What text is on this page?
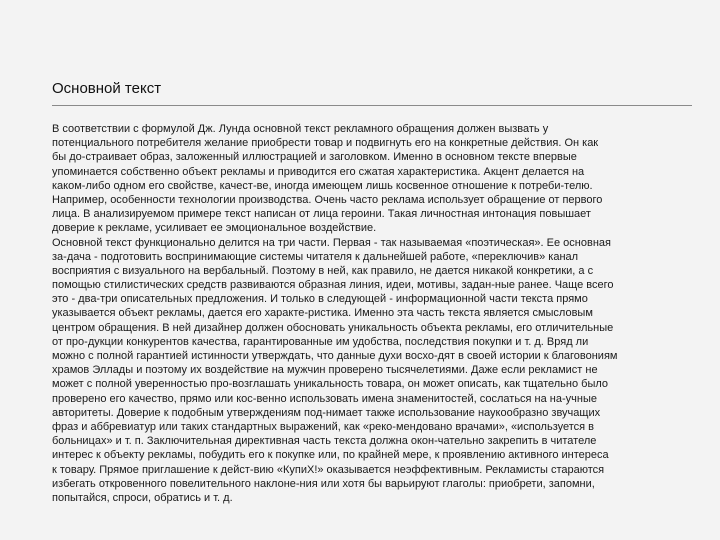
Основной текст
В соответствии с формулой Дж. Лунда основной текст рекламного обращения должен вызвать у
потенциального потребителя желание приобрести товар и подвигнуть его на конкретные действия. Он как
бы до-страивает образ, заложенный иллюстрацией и заголовком. Именно в основном тексте впервые
упоминается собственно объект рекламы и приводится его сжатая характеристика. Акцент делается на
каком-либо одном его свойстве, качест-ве, иногда имеющем лишь косвенное отношение к потреби-телю.
Например, особенности технологии производства. Очень часто реклама использует обращение от первого
лица. В анализируемом примере текст написан от лица героини. Такая личностная интонация повышает
доверие к рекламе, усиливает ее эмоциональное воздействие.
Основной текст функционально делится на три части. Первая - так называемая «поэтическая». Ее основная
за-дача - подготовить воспринимающие системы читателя к дальнейшей работе, «переключив» канал
восприятия с визуального на вербальный. Поэтому в ней, как правило, не дается никакой конкретики, а с
помощью стилистических средств развиваются образная линия, идеи, мотивы, задан-ные ранее. Чаще всего
это - два-три описательных предложения. И только в следующей - информационной части текста прямо
указывается объект рекламы, дается его характе-ристика. Именно эта часть текста является смысловым
центром обращения. В ней дизайнер должен обосновать уникальность объекта рекламы, его отличительные
от про-дукции конкурентов качества, гарантированные им удобства, последствия покупки и т. д. Вряд ли
можно с полной гарантией истинности утверждать, что данные духи восхо-дят в своей истории к благовониям
храмов Эллады и поэтому их воздействие на мужчин проверено тысячелетиями. Даже если рекламист не
может с полной уверенностью про-возглашать уникальность товара, он может описать, как тщательно было
проверено его качество, прямо или кос-венно использовать имена знаменитостей, сослаться на на-учные
авторитеты. Доверие к подобным утверждениям под-нимает также использование наукообразно звучащих
фраз и аббревиатур или таких стандартных выражений, как «реко-мендовано врачами», «используется в
больницах» и т. п. Заключительная директивная часть текста должна окон-чательно закрепить в читателе
интерес к объекту рекламы, побудить его к покупке или, по крайней мере, к проявлению активного интереса
к товару. Прямое приглашение к дейст-вию «КупиХ!» оказывается неэффективным. Рекламисты стараются
избегать откровенного повелительного наклоне-ния или хотя бы варьируют глаголы: приобрети, запомни,
попытайся, спроси, обратись и т. д.
